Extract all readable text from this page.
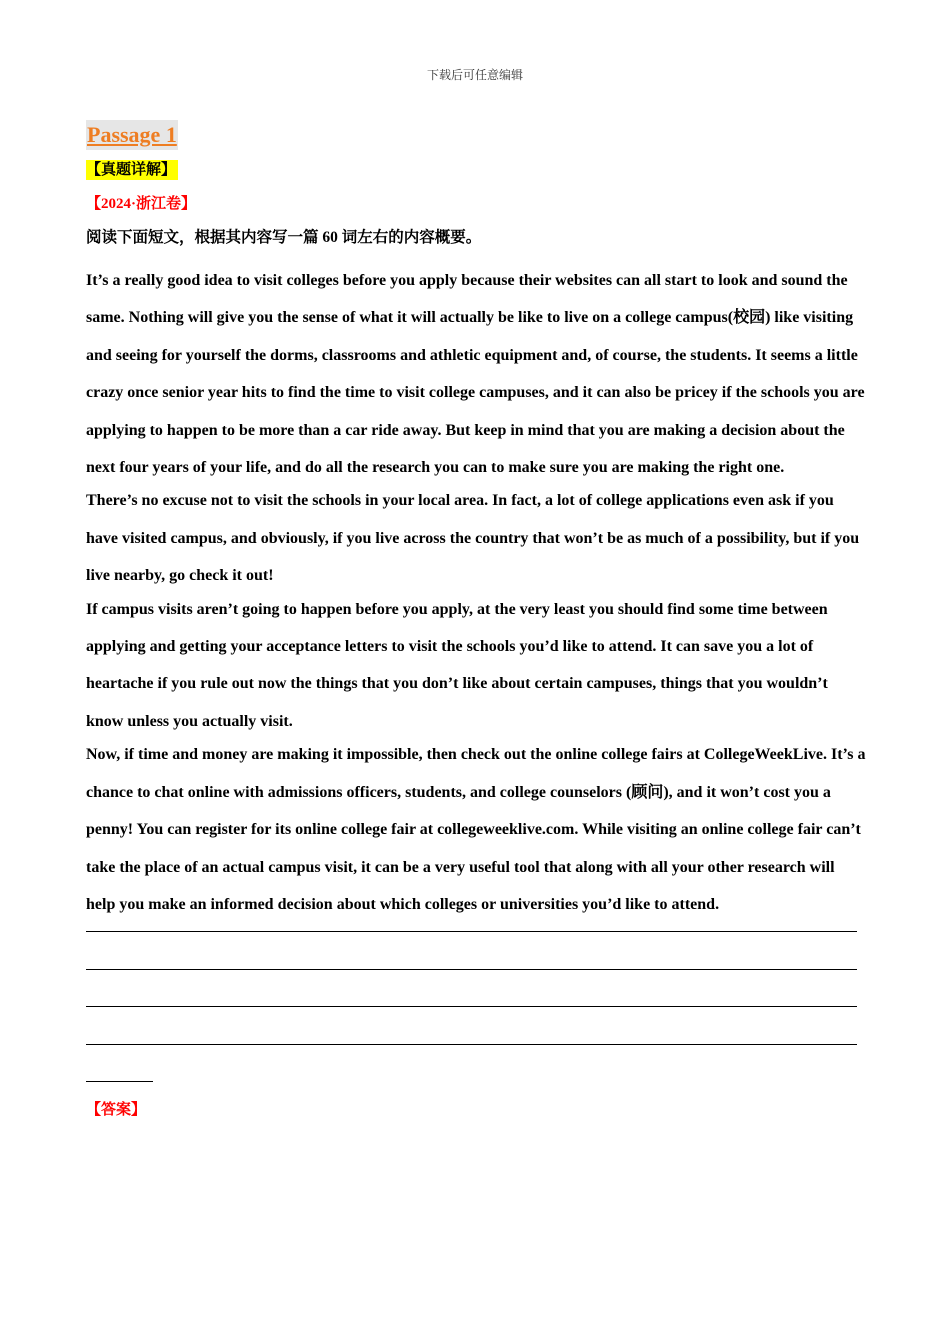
下载后可任意编辑
Passage 1
【真题详解】
【2024·浙江卷】
阅读下面短文，根据其内容写一篇 60 词左右的内容概要。

It’s a really good idea to visit colleges before you apply because their websites can all start to look and sound the same. Nothing will give you the sense of what it will actually be like to live on a college campus(校园) like visiting and seeing for yourself the dorms, classrooms and athletic equipment and, of course, the students. It seems a little crazy once senior year hits to find the time to visit college campuses, and it can also be pricey if the schools you are applying to happen to be more than a car ride away. But keep in mind that you are making a decision about the next four years of your life, and do all the research you can to make sure you are making the right one.

There’s no excuse not to visit the schools in your local area. In fact, a lot of college applications even ask if you have visited campus, and obviously, if you live across the country that won’t be as much of a possibility, but if you live nearby, go check it out!

If campus visits aren’t going to happen before you apply, at the very least you should find some time between applying and getting your acceptance letters to visit the schools you’d like to attend. It can save you a lot of heartache if you rule out now the things that you don’t like about certain campuses, things that you wouldn’t know unless you actually visit.

Now, if time and money are making it impossible, then check out the online college fairs at CollegeWeekLive. It’s a chance to chat online with admissions officers, students, and college counselors (顾问), and it won’t cost you a penny! You can register for its online college fair at collegeweeklive.com. While visiting an online college fair can’t take the place of an actual campus visit, it can be a very useful tool that along with all your other research will help you make an informed decision about which colleges or universities you’d like to attend.

【答案】
